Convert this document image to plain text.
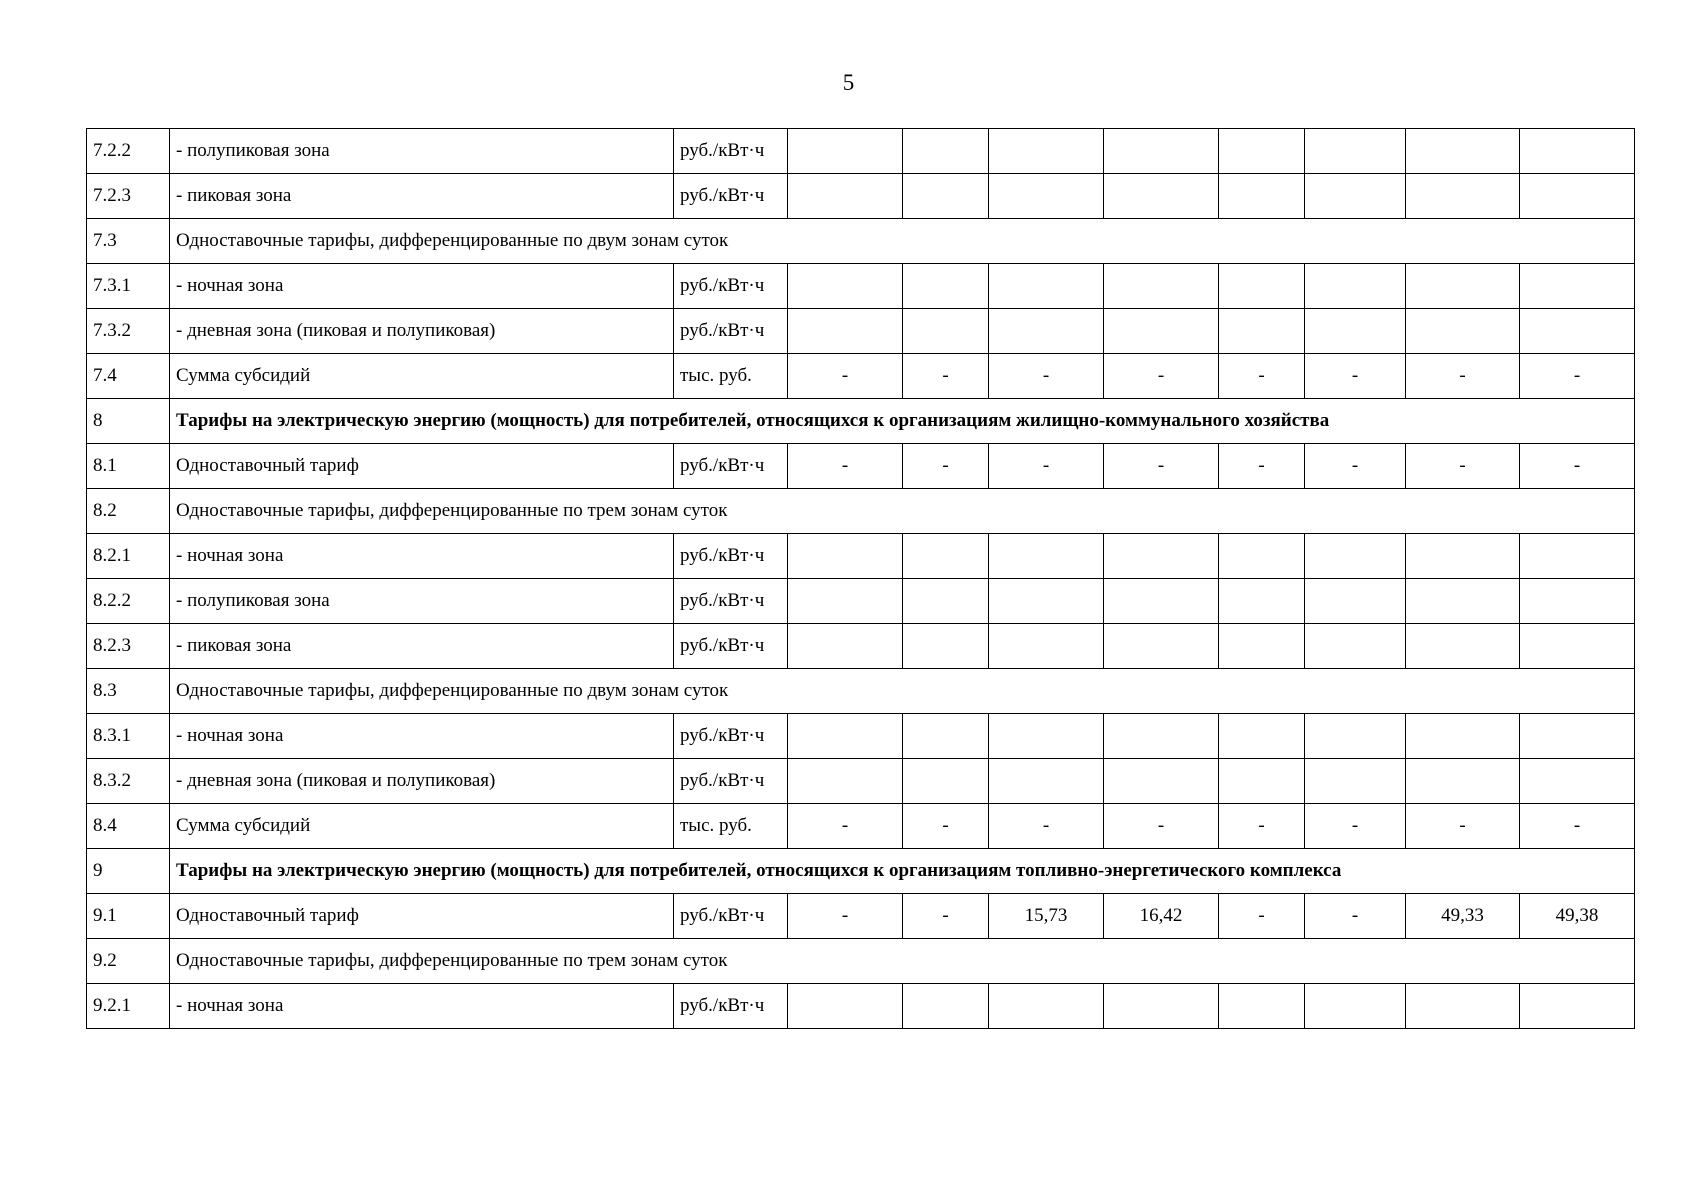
5
7.2.2	- полупиковая зона	руб./кВт·ч								
7.2.3	- пиковая зона	руб./кВт·ч								
7.3	Одноставочные тарифы, дифференцированные по двум зонам суток									
7.3.1	- ночная зона	руб./кВт·ч								
7.3.2	- дневная зона (пиковая и полупиковая)	руб./кВт·ч								
7.4	Сумма субсидий	тыс. руб.	-	-	-	-	-	-	-	-
8	Тарифы на электрическую энергию (мощность) для потребителей, относящихся к организациям жилищно-коммунального хозяйства									
8.1	Одноставочный тариф	руб./кВт·ч	-	-	-	-	-	-	-	-
8.2	Одноставочные тарифы, дифференцированные по трем зонам суток									
8.2.1	- ночная зона	руб./кВт·ч								
8.2.2	- полупиковая зона	руб./кВт·ч								
8.2.3	- пиковая зона	руб./кВт·ч								
8.3	Одноставочные тарифы, дифференцированные по двум зонам суток									
8.3.1	- ночная зона	руб./кВт·ч								
8.3.2	- дневная зона (пиковая и полупиковая)	руб./кВт·ч								
8.4	Сумма субсидий	тыс. руб.	-	-	-	-	-	-	-	-
9	Тарифы на электрическую энергию (мощность) для потребителей, относящихся к организациям топливно-энергетического комплекса									
9.1	Одноставочный тариф	руб./кВт·ч	-	-	15,73	16,42	-	-	49,33	49,38
9.2	Одноставочные тарифы, дифференцированные по трем зонам суток									
9.2.1	- ночная зона	руб./кВт·ч								
